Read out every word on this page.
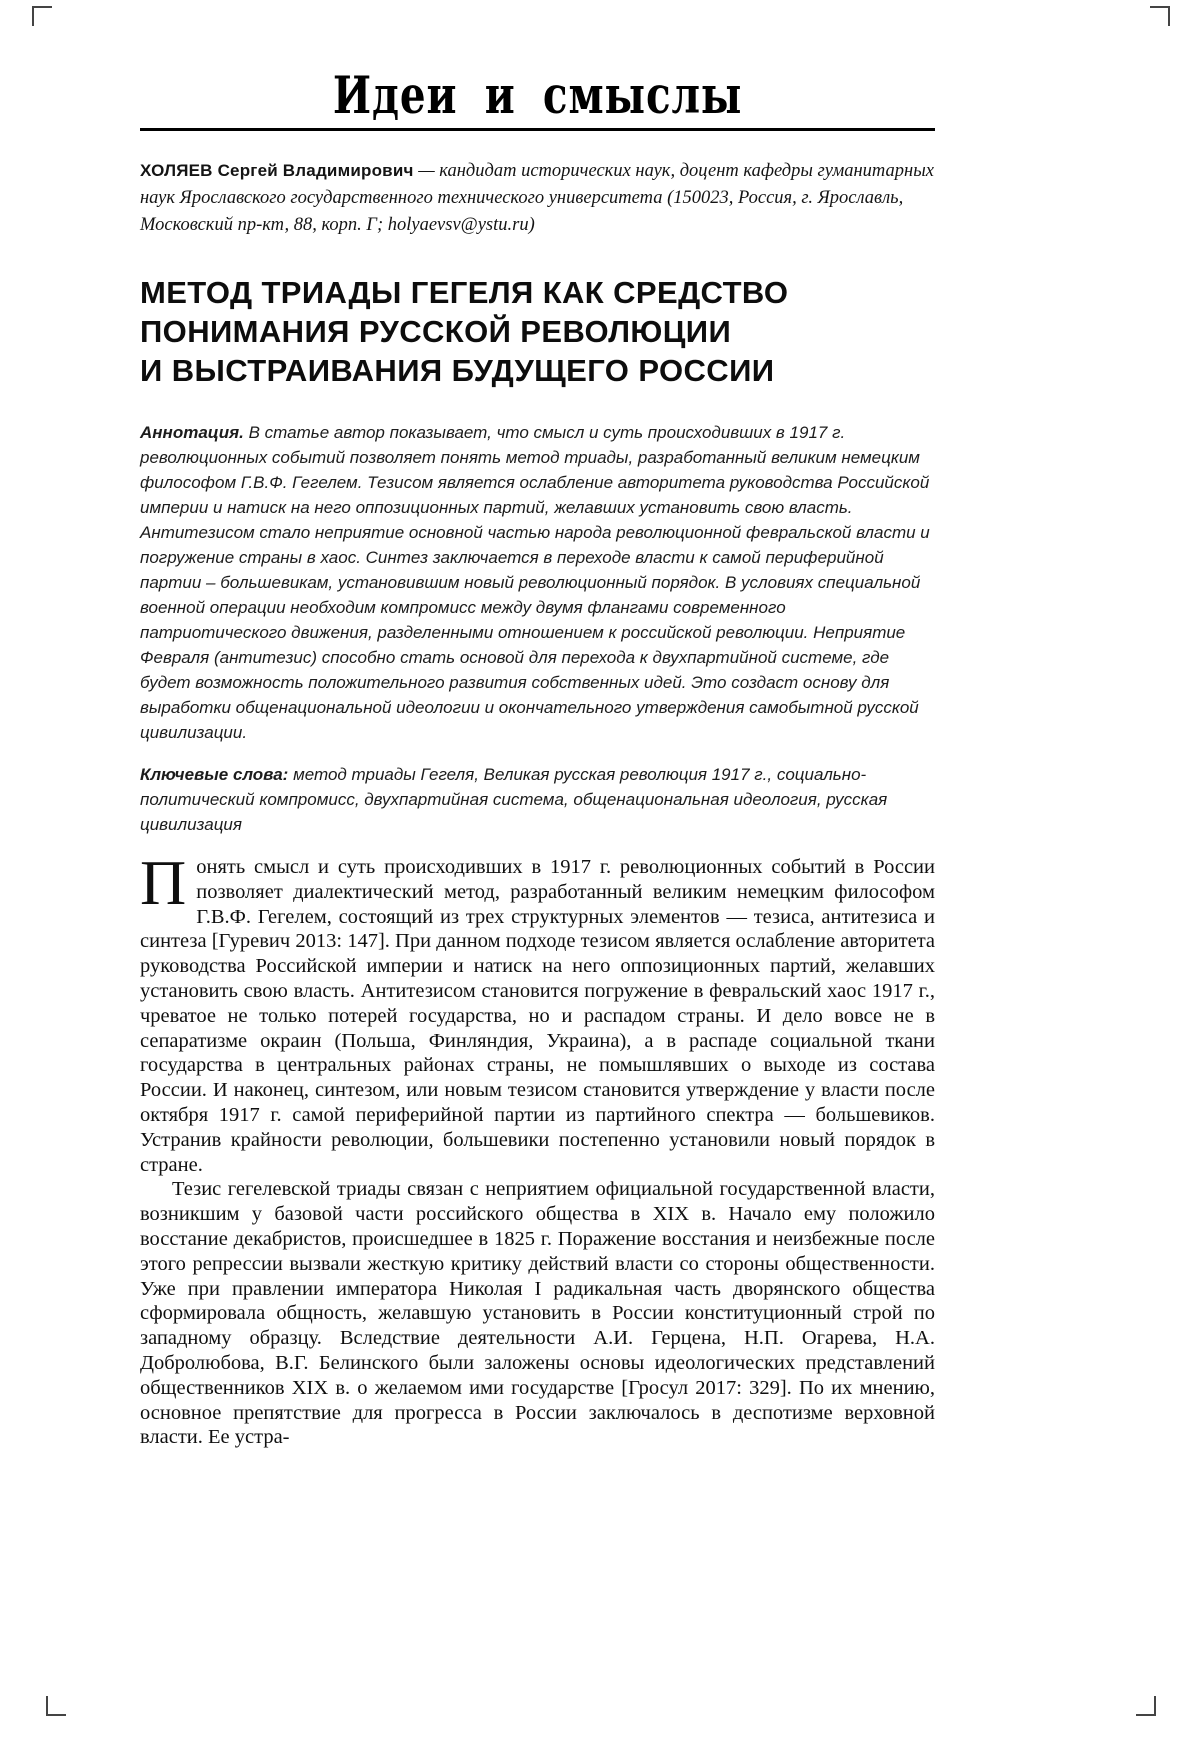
Идеи и смыслы

ХОЛЯЕВ Сергей Владимирович — кандидат исторических наук, доцент кафедры гуманитарных наук Ярославского государственного технического университета (150023, Россия, г. Ярославль, Московский пр-кт, 88, корп. Г; holyaevsv@ystu.ru)

МЕТОД ТРИАДЫ ГЕГЕЛЯ КАК СРЕДСТВО
ПОНИМАНИЯ РУССКОЙ РЕВОЛЮЦИИ
И ВЫСТРАИВАНИЯ БУДУЩЕГО РОССИИ

Аннотация. В статье автор показывает, что смысл и суть происходивших в 1917 г. революционных событий позволяет понять метод триады, разработанный великим немецким философом Г.В.Ф. Гегелем. Тезисом является ослабление авторитета руководства Российской империи и натиск на него оппозиционных партий, желавших установить свою власть. Антитезисом стало неприятие основной частью народа революционной февральской власти и погружение страны в хаос. Синтез заключается в переходе власти к самой периферийной партии – большевикам, установившим новый революционный порядок. В условиях специальной военной операции необходим компромисс между двумя флангами современного патриотического движения, разделенными отношением к российской революции. Неприятие Февраля (антитезис) способно стать основой для перехода к двухпартийной системе, где будет возможность положительного развития собственных идей. Это создаст основу для выработки общенациональной идеологии и окончательного утверждения самобытной русской цивилизации.

Ключевые слова: метод триады Гегеля, Великая русская революция 1917 г., социально-политический компромисс, двухпартийная система, общенациональная идеология, русская цивилизация

Понять смысл и суть происходивших в 1917 г. революционных событий в России позволяет диалектический метод, разработанный великим немецким философом Г.В.Ф. Гегелем, состоящий из трех структурных элементов — тезиса, антитезиса и синтеза [Гуревич 2013: 147]. При данном подходе тезисом является ослабление авторитета руководства Российской империи и натиск на него оппозиционных партий, желавших установить свою власть. Антитезисом становится погружение в февральский хаос 1917 г., чреватое не только потерей государства, но и распадом страны. И дело вовсе не в сепаратизме окраин (Польша, Финляндия, Украина), а в распаде социальной ткани государства в центральных районах страны, не помышлявших о выходе из состава России. И наконец, синтезом, или новым тезисом становится утверждение у власти после октября 1917 г. самой периферийной партии из партийного спектра — большевиков. Устранив крайности революции, большевики постепенно установили новый порядок в стране.

Тезис гегелевской триады связан с неприятием официальной государственной власти, возникшим у базовой части российского общества в XIX в. Начало ему положило восстание декабристов, происшедшее в 1825 г. Поражение восстания и неизбежные после этого репрессии вызвали жесткую критику действий власти со стороны общественности. Уже при правлении императора Николая I радикальная часть дворянского общества сформировала общность, желавшую установить в России конституционный строй по западному образцу. Вследствие деятельности А.И. Герцена, Н.П. Огарева, Н.А. Добролюбова, В.Г. Белинского были заложены основы идеологических представлений общественников XIX в. о желаемом ими государстве [Гросул 2017: 329]. По их мнению, основное препятствие для прогресса в России заключалось в деспотизме верховной власти. Ее устра-
